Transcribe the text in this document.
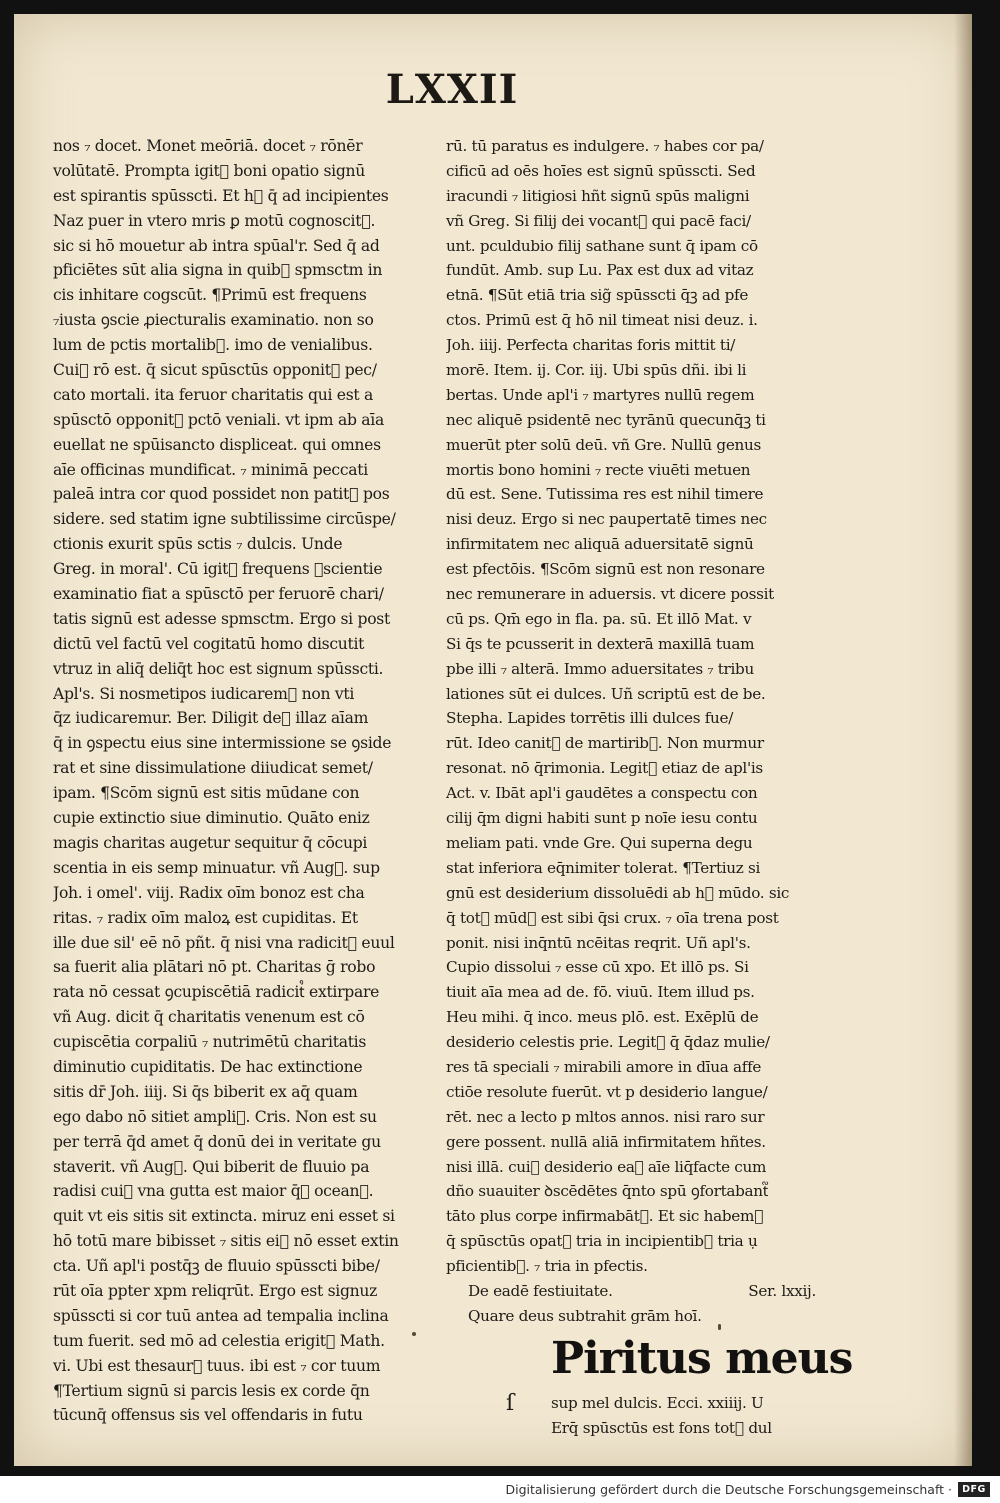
LXXII
nos ₇ docet. Monet meōriā. docet ₇ rōnēr
volūtatē. Prompta igit᷑ boni opatio signū
est spirantis spūsscti. Et hᷓ q̄ ad incipientes
Naz puer in vtero mris ꝑ motū cognoscit᷑.
sic si hō mouetur ab intra spūal'r. Sed q̄ ad
pficiētes sūt alia signa in quib᷒ spmsctm in
cis inhitare cogscūt. ¶Primū est frequens
₇iusta ꝯscie ꝓiecturalis examinatio. non so
lum de pctis mortalib᷒. imo de venialibus.
Cui᷒ rō est. q̄ sicut spūsctūs opponit᷑ pec/
cato mortali. ita feruor charitatis qui est a
spūsctō opponit᷑ pctō veniali. vt ipm ab aīa
euellat ne spūisancto displiceat. qui omnes
aīe officinas mundificat. ₇ minimā peccati
paleā intra cor quod possidet non patit᷑ pos
sidere. sed statim igne subtilissime circūspe/
ctionis exurit spūs sctis ₇ dulcis. Unde
Greg. in moral'. Cū igit᷑ frequens ꝯscientie
examinatio fiat a spūsctō per feruorē chari/
tatis signū est adesse spmsctm. Ergo si post
dictū vel factū vel cogitatū homo discutit
vtruz in aliq̄ deliq̄t hoc est signum spūsscti.
Apl's. Si nosmetipos iudicarem᷒ non vti
q̄z iudicaremur. Ber. Diligit de᷒ illaz aīam
q̄ in ꝯspectu eius sine intermissione se ꝯside
rat et sine dissimulatione diiudicat semet/
ipam. ¶Scōm signū est sitis mūdane con
cupie extinctio siue diminutio. Quāto eniz
magis charitas augetur sequitur q̄ cōcupi
scentia in eis semp minuatur. vñ Aug᷒. sup
Joh. i omel'. viij. Radix oīm bonoz est cha
ritas. ₇ radix oīm maloꝝ est cupiditas. Et
ille due sil' eē nō pñt. q̄ nisi vna radicit᷒ euul
sa fuerit alia plātari nō pt. Charitas ḡ robo
rata nō cessat ꝯcupiscētiā radicit᷒ extirpare
vñ Aug. dicit q̄ charitatis venenum est cō
cupiscētia corpaliū ₇ nutrimētū charitatis
diminutio cupiditatis. De hac extinctione
sitis dr̄ Joh. iiij. Si q̄s biberit ex aq̄ quam
ego dabo nō sitiet ampli᷒. Cris. Non est su
per terrā q̄d amet q̄ donū dei in veritate gu
staverit. vñ Aug᷒. Qui biberit de fluuio pa
radisi cui᷒ vna gutta est maior q̄ꝫ ocean᷒.
quit vt eis sitis sit extincta. miruz eni esset si
hō totū mare bibisset ₇ sitis ei᷒ nō esset extin
cta. Uñ apl'i postq̄ꝫ de fluuio spūsscti bibe/
rūt oīa ppter xpm reliqrūt. Ergo est signuz
spūsscti si cor tuū antea ad tempalia inclina
tum fuerit. sed mō ad celestia erigit᷑ Math.
vi. Ubi est thesaur᷒ tuus. ibi est ₇ cor tuum
¶Tertium signū si parcis lesis ex corde q̄n
tūcunq̄ offensus sis vel offendaris in futu
rū. tū paratus es indulgere. ₇ habes cor pa/
cificū ad oēs hoīes est signū spūsscti. Sed
iracundi ₇ litigiosi hñt signū spūs maligni
vñ Greg. Si filij dei vocant᷑ qui pacē faci/
unt. pculdubio filij sathane sunt q̄ ipam cō
fundūt. Amb. sup Lu. Pax est dux ad vitaz
etnā. ¶Sūt etiā tria sig̃ spūsscti q̄ꝫ ad pfe
ctos. Primū est q̄ hō nil timeat nisi deuz. i.
Joh. iiij. Perfecta charitas foris mittit ti/
morē. Item. ij. Cor. iij. Ubi spūs dñi. ibi li
bertas. Unde apl'i ₇ martyres nullū regem
nec aliquē psidentē nec tyrānū quecunq̄ꝫ ti
muerūt pter solū deū. vñ Gre. Nullū genus
mortis bono homini ₇ recte viuēti metuen
dū est. Sene. Tutissima res est nihil timere
nisi deuz. Ergo si nec paupertatē times nec
infirmitatem nec aliquā aduersitatē signū
est pfectōis. ¶Scōm signū est non resonare
nec remunerare in aduersis. vt dicere possit
cū ps. Qm̄ ego in fla. pa. sū. Et illō Mat. v
Si q̄s te pcusserit in dexterā maxillā tuam
pbe illi ₇ alterā. Immo aduersitates ₇ tribu
lationes sūt ei dulces. Uñ scriptū est de be.
Stepha. Lapides torrētis illi dulces fue/
rūt. Ideo canit᷑ de martirib᷒. Non murmur
resonat. nō q̄rimonia. Legit᷑ etiaz de apl'is
Act. v. Ibāt apl'i gaudētes a conspectu con
cilij q̄m digni habiti sunt p noīe iesu contu
meliam pati. vnde Gre. Qui superna degu
stat inferiora eq̄nimiter tolerat. ¶Tertiuz si
gnū est desiderium dissoluēdi ab hᷓ mūdo. sic
q̄ tot᷒ mūd᷒ est sibi q̄si crux. ₇ oīa trena post
ponit. nisi inq̄ntū ncēitas reqrit. Uñ apl's.
Cupio dissolui ₇ esse cū xpo. Et illō ps. Si
tiuit aīa mea ad de. fō. viuū. Item illud ps.
Heu mihi. q̄ inco. meus plō. est. Exēplū de
desiderio celestis prie. Legit᷑ q̄ q̄daz mulie/
res tā speciali ₇ mirabili amore in dīua affe
ctiōe resolute fuerūt. vt p desiderio langue/
rēt. nec a lecto p mltos annos. nisi raro sur
gere possent. nullā aliā infirmitatem hñtes.
nisi illā. cui᷒ desiderio eaꝝ aīe liq̄facte cum
dño suauiter ꝺscēdētes q̄nto spū ꝯfortabant᷑
tāto plus corpe infirmabāt᷑. Et sic habem᷒
q̄ spūsctūs opat᷑ tria in incipientib᷒ tria ụ
pficientib᷒. ₇ tria in pfectis.
De eadē festiuitate.	Ser. lxxij.
Quare deus subtrahit grām hoī.
Piritus meus
ſ	sup mel dulcis. Ecci. xxiiij. U
Erq̄ spūsctūs est fons tot᷒ dul
Digitalisierung gefördert durch die Deutsche Forschungsgemeinschaft ·	DFG
